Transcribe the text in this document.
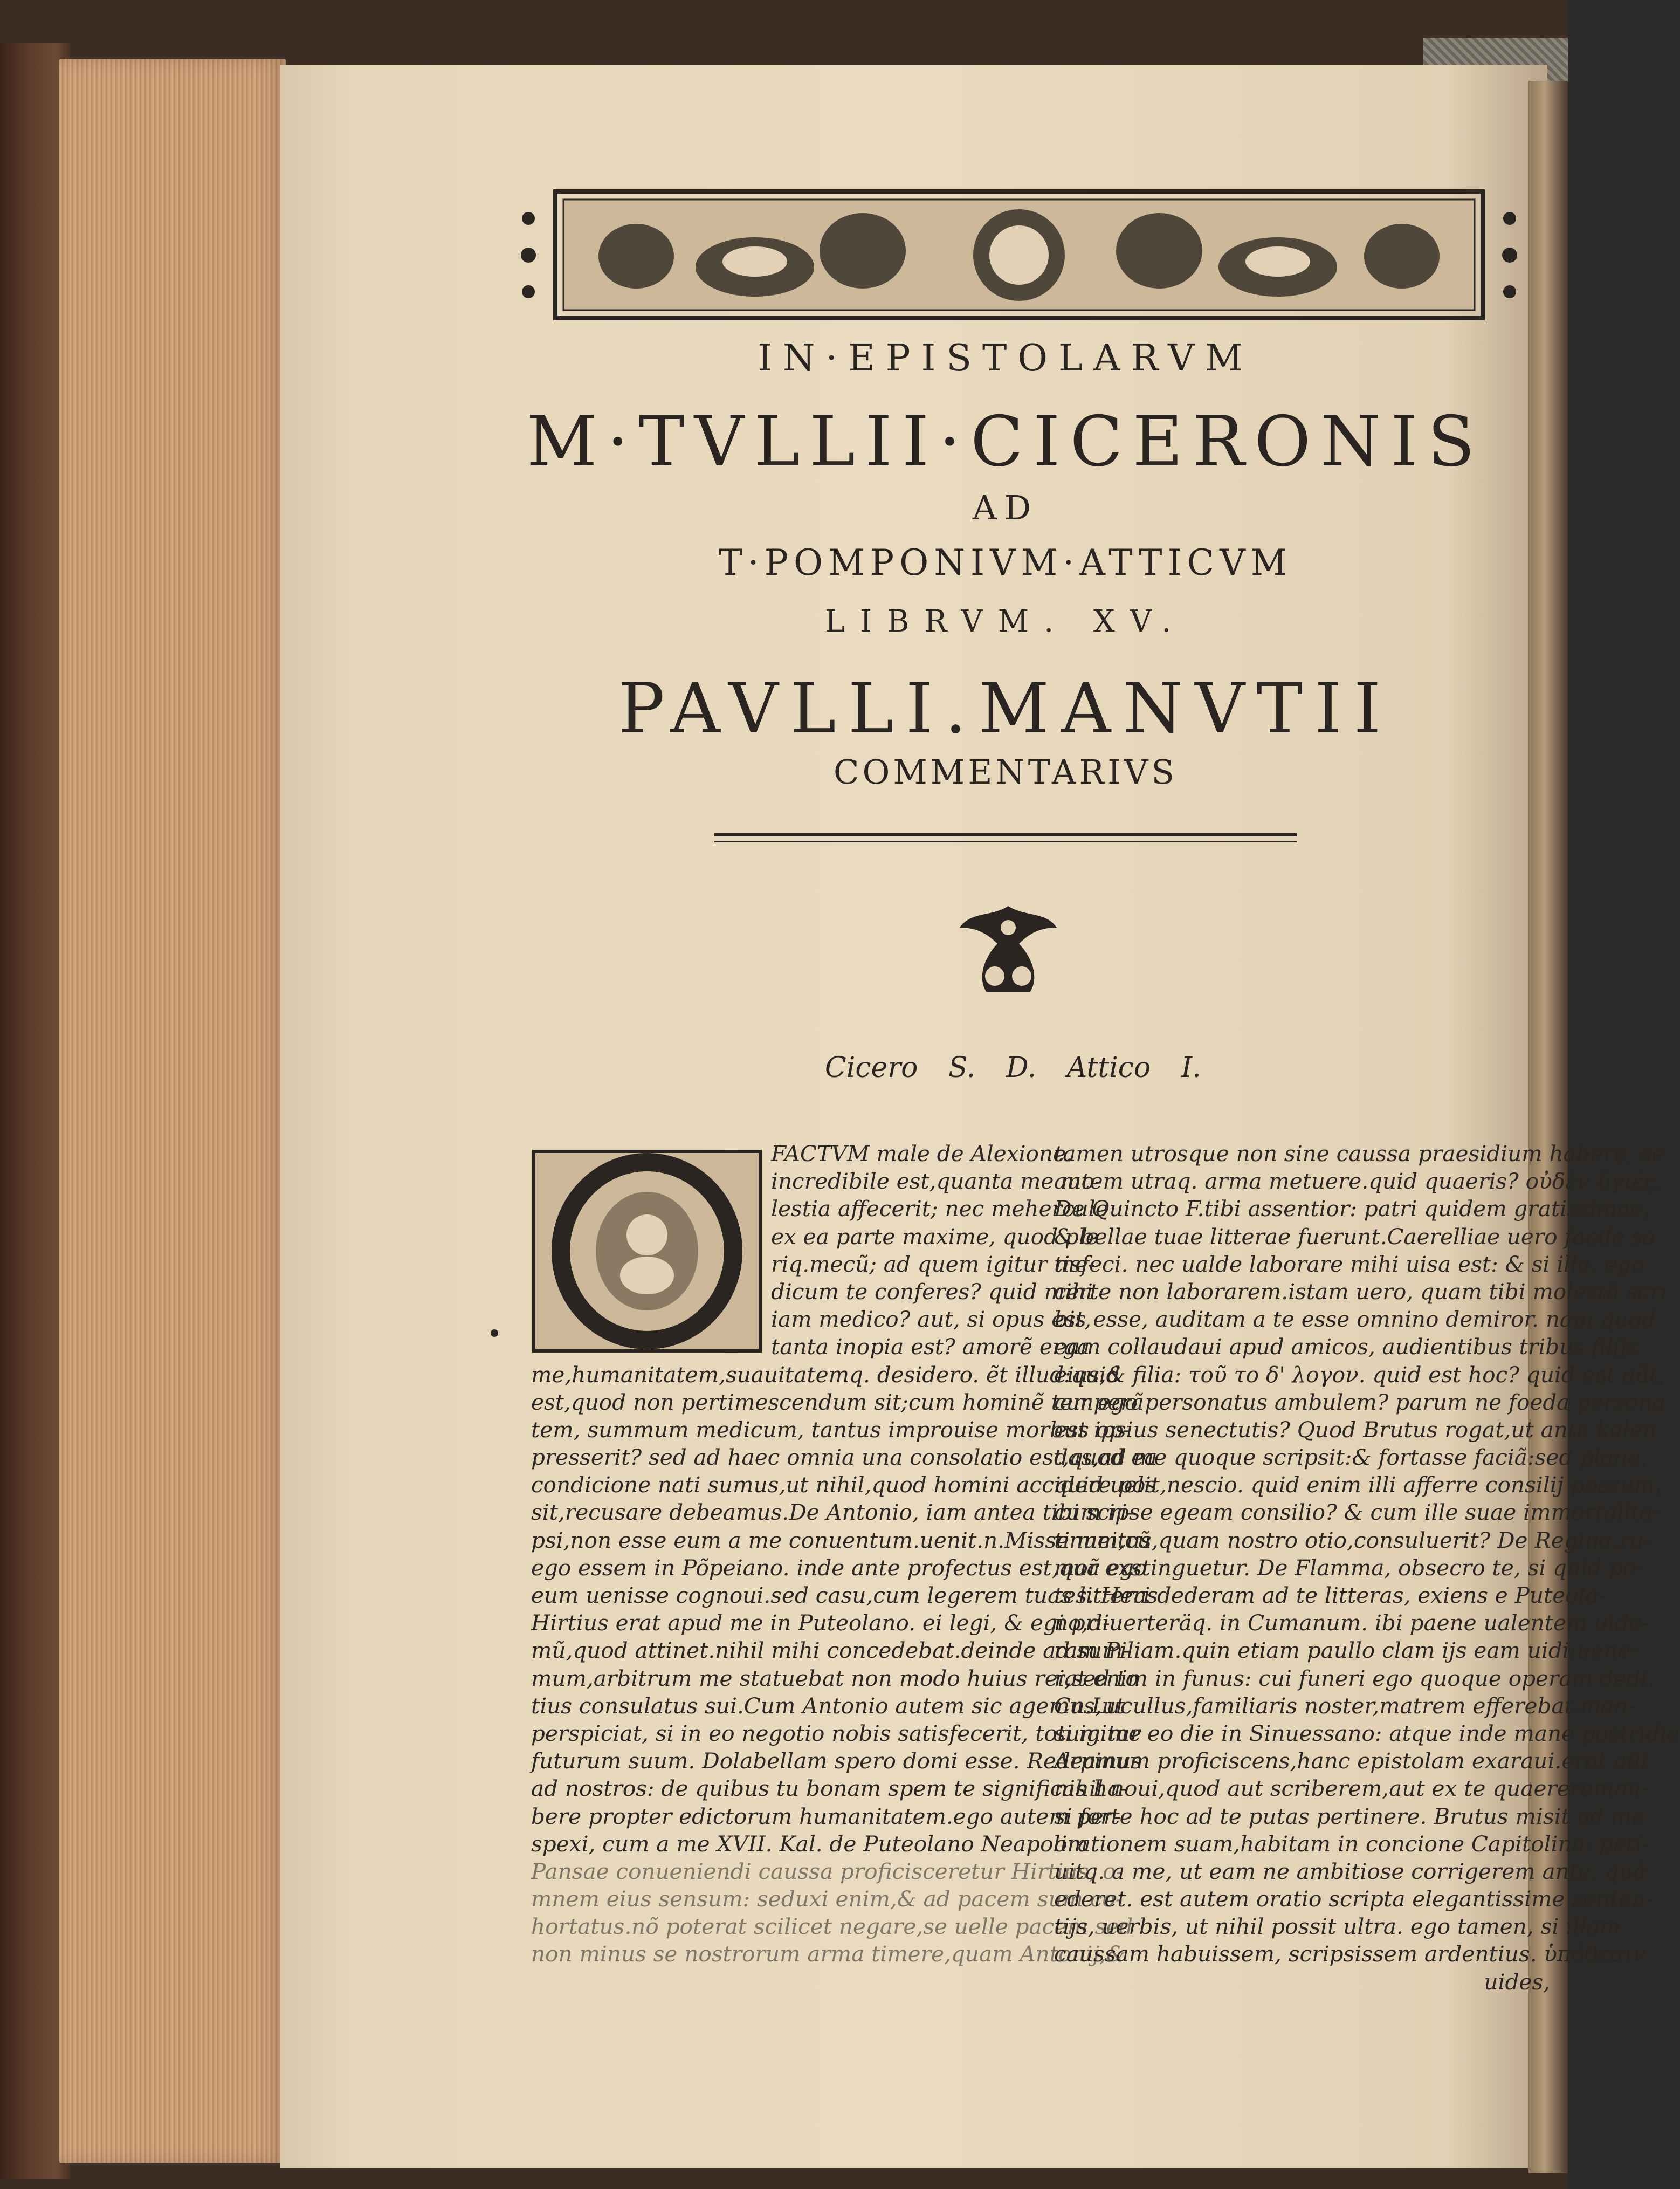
IN·EPISTOLARVM
M·TVLLII·CICERONIS
AD
T·POMPONIVM·ATTICVM
LIBRVM. XV.
PAVLLI.MANVTII
COMMENTARIVS
Cicero S. D. Attico I.
FACTVM male de Alexione.
incredibile est,quanta me mo-
lestia affecerit; nec mehercule
ex ea parte maxime, quod ple
riq.mecũ; ad quem igitur me-
dicum te conferes? quid mihi
iam medico? aut, si opus est,
tanta inopia est? amorẽ erga
me,humanitatem,suauitatemq. desidero. ẽt illud:quid
est,quod non pertimescendum sit;cum hominẽ temperã
tem, summum medicum, tantus improuise morbus op-
presserit? sed ad haec omnia una consolatio est,quod ea
condicione nati sumus,ut nihil,quod homini accidere pos
sit,recusare debeamus.De Antonio, iam antea tibi scri-
psi,non esse eum a me conuentum.uenit.n.Missenum,cũ
ego essem in Põpeiano. inde ante profectus est,quã ego
eum uenisse cognoui.sed casu,cum legerem tuas litteras
Hirtius erat apud me in Puteolano. ei legi, & egi pri-
mũ,quod attinet.nihil mihi concedebat.deinde ad sum-
mum,arbitrum me statuebat non modo huius rei,sed to
tius consulatus sui.Cum Antonio autem sic agemus,ut
perspiciat, si in eo negotio nobis satisfecerit, totum me
futurum suum. Dolabellam spero domi esse. Redeamus
ad nostros: de quibus tu bonam spem te significas ha-
bere propter edictorum humanitatem.ego autem per-
spexi, cum a me XVII. Kal. de Puteolano Neapolim
Pansae conueniendi caussa proficisceretur Hirtius, o-
mnem eius sensum: seduxi enim,& ad pacem sum co-
hortatus.nõ poterat scilicet negare,se uelle pacem,sed
non minus se nostrorum arma timere,quam Antonij,&
tamen utrosque non sine caussa praesidium habere, se
autem utraq. arma metuere.quid quaeris? οὐδὲν ὑγιές.
De Quincto F.tibi assentior: patri quidem gratissimae,
& bellae tuae litterae fuerunt.Caerelliae uero facile sa
tisfeci. nec ualde laborare mihi uisa est: & si illa, ego
certe non laborarem.istam uero, quam tibi molestã scri
bis esse, auditam a te esse omnino demiror. nam quod
eam collaudaui apud amicos, audientibus tribus filijs
eius,& filia: τοῦ το δ' λογον. quid est hoc? quid est aũt,
cur ego personatus ambulem? parum ne foeda persona
est ipsius senectutis? Quod Brutus rogat,ut ante kalen
das,ad me quoque scripsit:& fortasse faciã:sed plane,
quid uelit,nescio. quid enim illi afferre consilij possum,
cum ipse egeam consilio? & cum ille suae immortalita-
ti meitus,quam nostro otio,consuluerit? De Regina,ru-
mor exstinguetur. De Flamma, obsecro te, si quid po-
tes. Heri dederam ad te litteras, exiens e Puteola-
no,diuerteräq. in Cumanum. ibi paene ualentem uide-
ram Piliam.quin etiam paullo clam ijs eam uidi:uene-
rat enim in funus: cui funeri ego quoque operam dedi.
Cn.Lucullus,familiaris noster,matrem efferebat.man-
si igitur eo die in Sinuessano: atque inde mane postridie
Arpinum proficiscens,hanc epistolam exaraui.erat aũt
nihil noui,quod aut scriberem,aut ex te quaereremmi-
si forte hoc ad te putas pertinere. Brutus misit ad me
orationem suam,habitam in concione Capitolina: peti-
uitq. a me, ut eam ne ambitiose corrigerem ante, quã
ederet. est autem oratio scripta elegantissime senten-
tijs, uerbis, ut nihil possit ultra. ego tamen, si illam
caussam habuissem, scripsissem ardentius. ὑπόθεσιν
uides,
